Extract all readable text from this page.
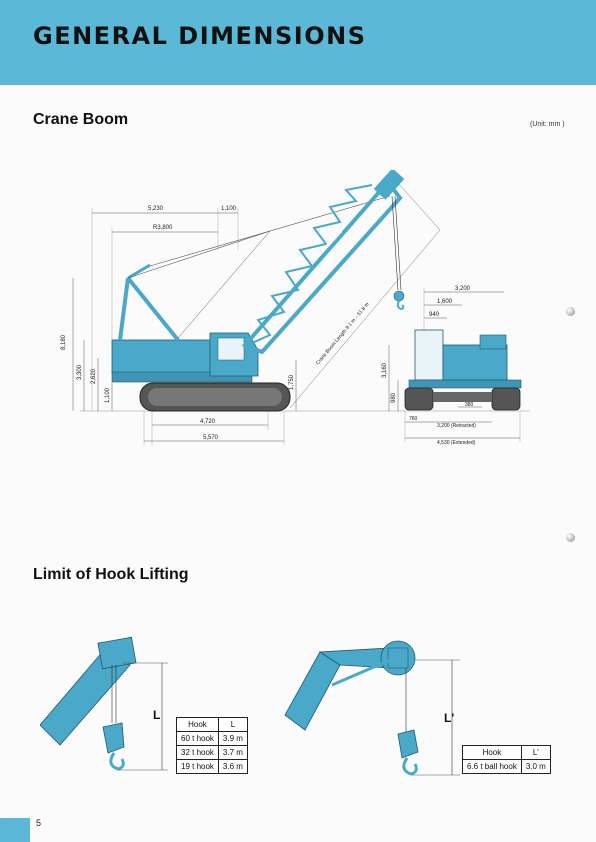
GENERAL DIMENSIONS
Crane Boom	(Unit: mm )
KOBELCO
Crane Boom Length 9.1 m – 51.8 m
5,230	1,100
R3,800
8,180
3,300 2,620
1,100
1,750
4,720
5,570
3,200
1,600
940
3,160
980
380
760
3,200 (Retracted)
4,530 (Extended)
Limit of Hook Lifting
L
Hook	L
60 t hook	3.9 m
32 t hook	3.7 m
19 t hook	3.6 m
L'
Hook	L'
6.6 t ball hook	3.0 m
5
